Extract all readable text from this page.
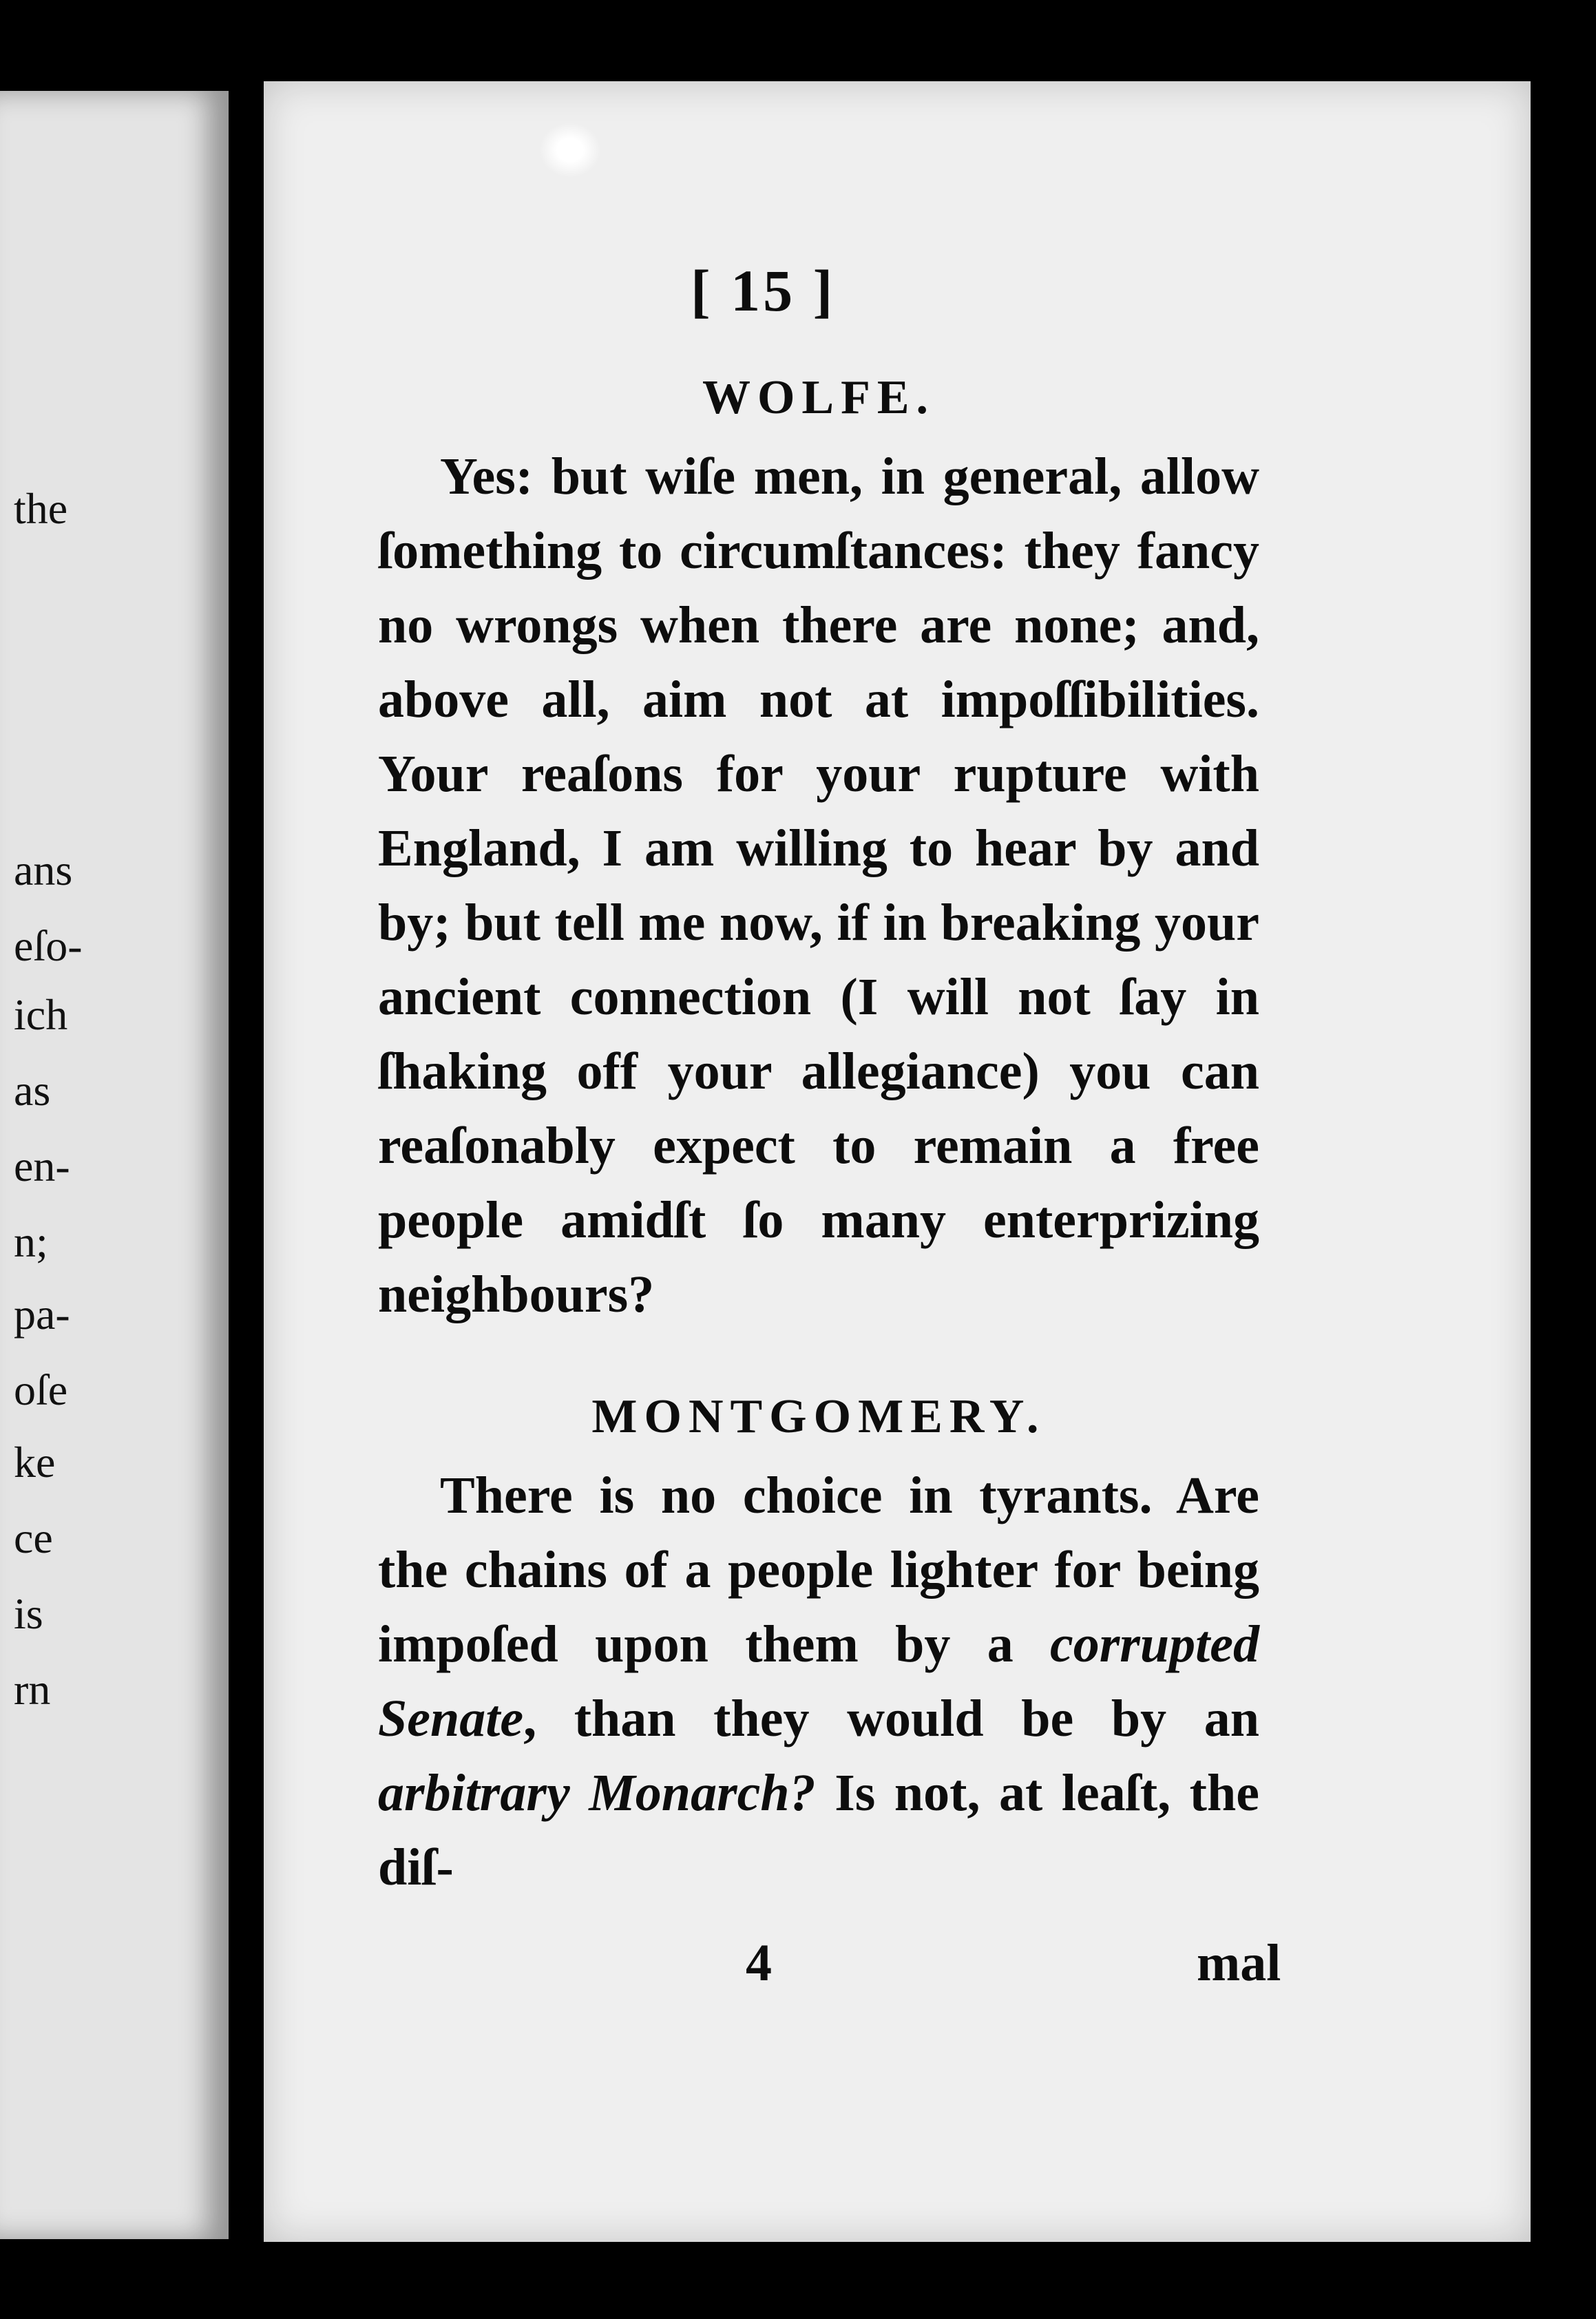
the
ans
eſo-
ich
as
en-
n;
pa-
oſe
ke
ce
is
rn
[ 15 ]
WOLFE.
Yes: but wiſe men, in general, allow ſomething to circumſtances: they fancy no wrongs when there are none; and, above all, aim not at impoſſibilities. Your reaſons for your rupture with England, I am willing to hear by and by; but tell me now, if in breaking your ancient connection (I will not ſay in ſhaking off your allegiance) you can reaſonably expect to remain a free people amidſt ſo many enterprizing neighbours?
MONTGOMERY.
There is no choice in tyrants. Are the chains of a people lighter for being impoſed upon them by a corrupted Senate, than they would be by an arbitrary Monarch? Is not, at leaſt, the diſ-
4	mal
